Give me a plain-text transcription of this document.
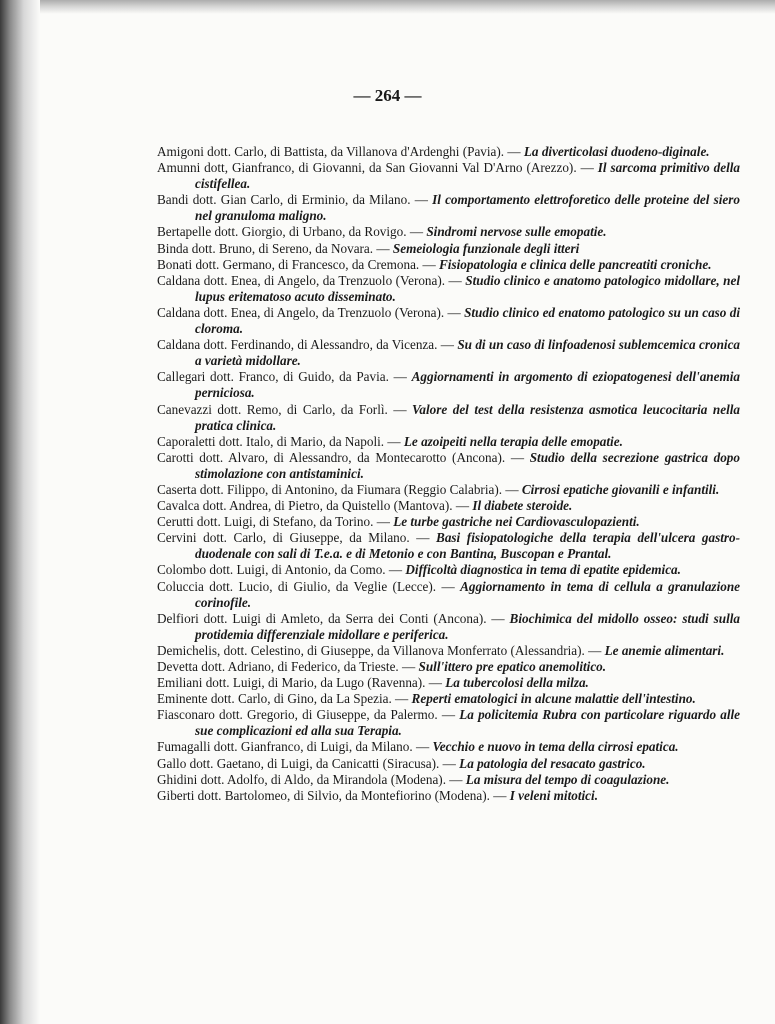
— 264 —

Amigoni dott. Carlo, di Battista, da Villanova d'Ardenghi (Pavia). — La diverticolasi duodeno-diginale.

Amunni dott, Gianfranco, di Giovanni, da San Giovanni Val D'Arno (Arezzo). — Il sarcoma primitivo della cistifellea.

Bandi dott. Gian Carlo, di Erminio, da Milano. — Il comportamento elettroforetico delle proteine del siero nel granuloma maligno.

Bertapelle dott. Giorgio, di Urbano, da Rovigo. — Sindromi nervose sulle emopatie.

Binda dott. Bruno, di Sereno, da Novara. — Semeiologia funzionale degli itteri

Bonati dott. Germano, di Francesco, da Cremona. — Fisiopatologia e clinica delle pancreatiti croniche.

Caldana dott. Enea, di Angelo, da Trenzuolo (Verona). — Studio clinico e anatomo patologico midollare, nel lupus eritematoso acuto disseminato.

Caldana dott. Enea, di Angelo, da Trenzuolo (Verona). — Studio clinico ed enatomo patologico su un caso di cloroma.

Caldana dott. Ferdinando, di Alessandro, da Vicenza. — Su di un caso di linfoadenosi sublemcemica cronica a varietà midollare.

Callegari dott. Franco, di Guido, da Pavia. — Aggiornamenti in argomento di eziopatogenesi dell'anemia perniciosa.

Canevazzi dott. Remo, di Carlo, da Forlì. — Valore del test della resistenza asmotica leucocitaria nella pratica clinica.

Caporaletti dott. Italo, di Mario, da Napoli. — Le azoipeiti nella terapia delle emopatie.

Carotti dott. Alvaro, di Alessandro, da Montecarotto (Ancona). — Studio della secrezione gastrica dopo stimolazione con antistaminici.

Caserta dott. Filippo, di Antonino, da Fiumara (Reggio Calabria). — Cirrosi epatiche giovanili e infantili.

Cavalca dott. Andrea, di Pietro, da Quistello (Mantova). — Il diabete steroide.

Cerutti dott. Luigi, di Stefano, da Torino. — Le turbe gastriche nei Cardiovasculopazienti.

Cervini dott. Carlo, di Giuseppe, da Milano. — Basi fisiopatologiche della terapia dell'ulcera gastro-duodenale con sali di T.e.a. e di Metonio e con Bantina, Buscopan e Prantal.

Colombo dott. Luigi, di Antonio, da Como. — Difficoltà diagnostica in tema di epatite epidemica.

Coluccia dott. Lucio, di Giulio, da Veglie (Lecce). — Aggiornamento in tema di cellula a granulazione corinofile.

Delfiori dott. Luigi di Amleto, da Serra dei Conti (Ancona). — Biochimica del midollo osseo: studi sulla protidemia differenziale midollare e periferica.

Demichelis, dott. Celestino, di Giuseppe, da Villanova Monferrato (Alessandria). — Le anemie alimentari.

Devetta dott. Adriano, di Federico, da Trieste. — Sull'ittero pre epatico anemolitico.

Emiliani dott. Luigi, di Mario, da Lugo (Ravenna). — La tubercolosi della milza.

Eminente dott. Carlo, di Gino, da La Spezia. — Reperti ematologici in alcune malattie dell'intestino.

Fiasconaro dott. Gregorio, di Giuseppe, da Palermo. — La policitemia Rubra con particolare riguardo alle sue complicazioni ed alla sua Terapia.

Fumagalli dott. Gianfranco, di Luigi, da Milano. — Vecchio e nuovo in tema della cirrosi epatica.

Gallo dott. Gaetano, di Luigi, da Canicatti (Siracusa). — La patologia del resacato gastrico.

Ghidini dott. Adolfo, di Aldo, da Mirandola (Modena). — La misura del tempo di coagulazione.

Giberti dott. Bartolomeo, di Silvio, da Montefiorino (Modena). — I veleni mitotici.
